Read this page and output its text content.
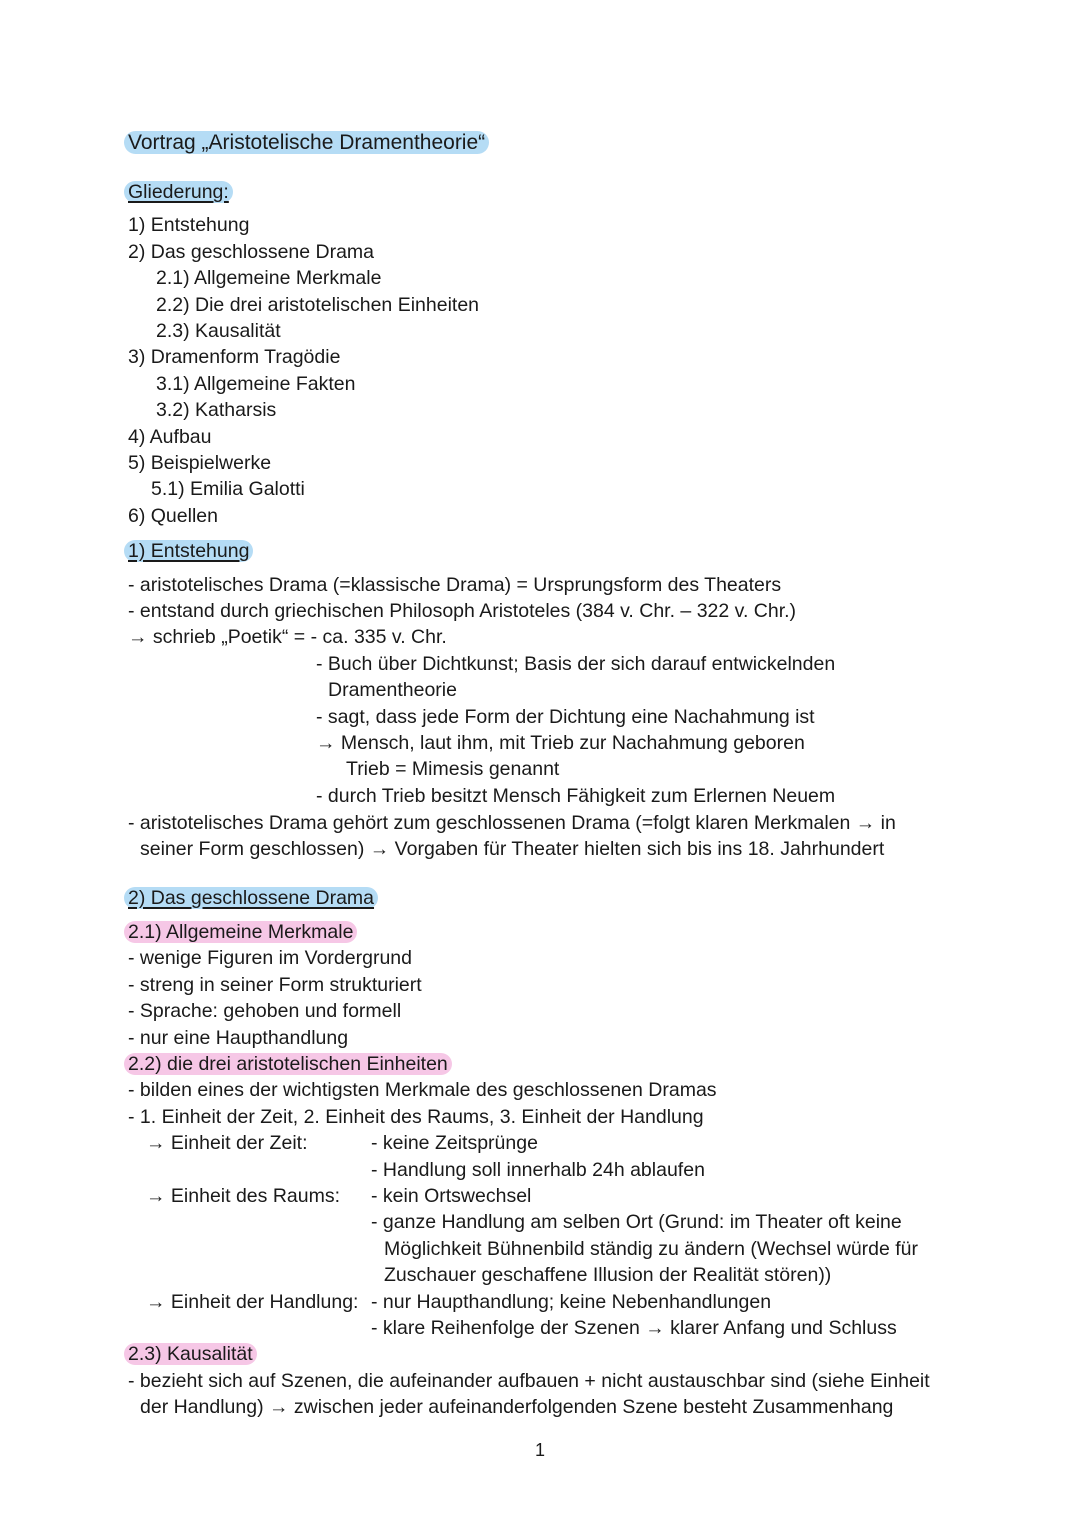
Vortrag „Aristotelische Dramentheorie“
Gliederung:
1) Entstehung
2) Das geschlossene Drama
2.1) Allgemeine Merkmale
2.2) Die drei aristotelischen Einheiten
2.3) Kausalität
3) Dramenform Tragödie
3.1) Allgemeine Fakten
3.2) Katharsis
4) Aufbau
5) Beispielwerke
5.1) Emilia Galotti
6) Quellen
1) Entstehung
- aristotelisches Drama (=klassische Drama) = Ursprungsform des Theaters
- entstand durch griechischen Philosoph Aristoteles (384 v. Chr. – 322 v. Chr.)
→ schrieb „Poetik“ = - ca. 335 v. Chr.
- Buch über Dichtkunst; Basis der sich darauf entwickelnden
Dramentheorie
- sagt, dass jede Form der Dichtung eine Nachahmung ist
→ Mensch, laut ihm, mit Trieb zur Nachahmung geboren
Trieb = Mimesis genannt
- durch Trieb besitzt Mensch Fähigkeit zum Erlernen Neuem
- aristotelisches Drama gehört zum geschlossenen Drama (=folgt klaren Merkmalen → in
seiner Form geschlossen) → Vorgaben für Theater hielten sich bis ins 18. Jahrhundert
2) Das geschlossene Drama
2.1) Allgemeine Merkmale
- wenige Figuren im Vordergrund
- streng in seiner Form strukturiert
- Sprache: gehoben und formell
- nur eine Haupthandlung
2.2) die drei aristotelischen Einheiten
- bilden eines der wichtigsten Merkmale des geschlossenen Dramas
- 1. Einheit der Zeit, 2. Einheit des Raums, 3. Einheit der Handlung
→ Einheit der Zeit:	- keine Zeitsprünge
- Handlung soll innerhalb 24h ablaufen
→ Einheit des Raums: - kein Ortswechsel
- ganze Handlung am selben Ort (Grund: im Theater oft keine
Möglichkeit Bühnenbild ständig zu ändern (Wechsel würde für
Zuschauer geschaffene Illusion der Realität stören))
→ Einheit der Handlung: - nur Haupthandlung; keine Nebenhandlungen
- klare Reihenfolge der Szenen → klarer Anfang und Schluss
2.3) Kausalität
- bezieht sich auf Szenen, die aufeinander aufbauen + nicht austauschbar sind (siehe Einheit
der Handlung) → zwischen jeder aufeinanderfolgenden Szene besteht Zusammenhang
1
